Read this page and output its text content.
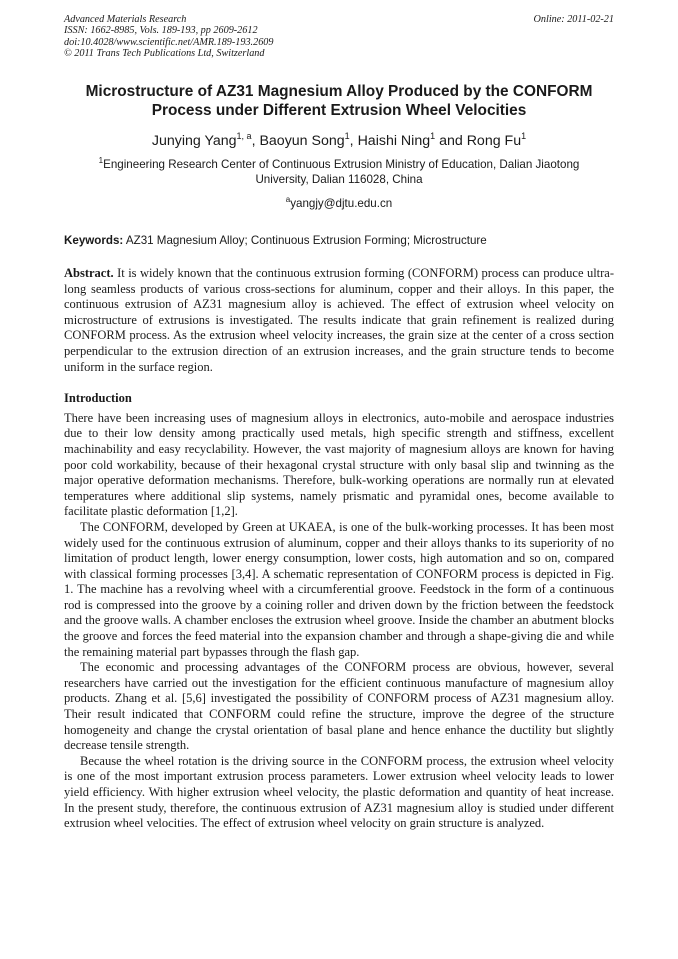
Advanced Materials Research
ISSN: 1662-8985, Vols. 189-193, pp 2609-2612
doi:10.4028/www.scientific.net/AMR.189-193.2609
© 2011 Trans Tech Publications Ltd, Switzerland
Online: 2011-02-21
Microstructure of AZ31 Magnesium Alloy Produced by the CONFORM Process under Different Extrusion Wheel Velocities
Junying Yang$^{1, a}$, Baoyun Song$^1$, Haishi Ning$^1$ and Rong Fu$^1$
$^1$Engineering Research Center of Continuous Extrusion Ministry of Education, Dalian Jiaotong University, Dalian 116028, China
$^a$yangjy@djtu.edu.cn
Keywords: AZ31 Magnesium Alloy; Continuous Extrusion Forming; Microstructure
Abstract. It is widely known that the continuous extrusion forming (CONFORM) process can produce ultra-long seamless products of various cross-sections for aluminum, copper and their alloys. In this paper, the continuous extrusion of AZ31 magnesium alloy is achieved. The effect of extrusion wheel velocity on microstructure of extrusions is investigated. The results indicate that grain refinement is realized during CONFORM process. As the extrusion wheel velocity increases, the grain size at the center of a cross section perpendicular to the extrusion direction of an extrusion increases, and the grain structure tends to become uniform in the surface region.
Introduction

There have been increasing uses of magnesium alloys in electronics, auto-mobile and aerospace industries due to their low density among practically used metals, high specific strength and stiffness, excellent machinability and easy recyclability. However, the vast majority of magnesium alloys are known for having poor cold workability, because of their hexagonal crystal structure with only basal slip and twinning as the major operative deformation mechanisms. Therefore, bulk-working operations are normally run at elevated temperatures where additional slip systems, namely prismatic and pyramidal ones, become available to facilitate plastic deformation [1,2].

The CONFORM, developed by Green at UKAEA, is one of the bulk-working processes. It has been most widely used for the continuous extrusion of aluminum, copper and their alloys thanks to its superiority of no limitation of product length, lower energy consumption, lower costs, high automation and so on, compared with classical forming processes [3,4]. A schematic representation of CONFORM process is depicted in Fig. 1. The machine has a revolving wheel with a circumferential groove. Feedstock in the form of a continuous rod is compressed into the groove by a coining roller and driven down by the friction between the feedstock and the groove walls. A chamber encloses the extrusion wheel groove. Inside the chamber an abutment blocks the groove and forces the feed material into the expansion chamber and through a shape-giving die and while the remaining material part bypasses through the flash gap.

The economic and processing advantages of the CONFORM process are obvious, however, several researchers have carried out the investigation for the efficient continuous manufacture of magnesium alloy products. Zhang et al. [5,6] investigated the possibility of CONFORM process of AZ31 magnesium alloy. Their result indicated that CONFORM could refine the structure, improve the degree of the structure homogeneity and change the crystal orientation of basal plane and hence enhance the ductility but slightly decrease tensile strength.

Because the wheel rotation is the driving source in the CONFORM process, the extrusion wheel velocity is one of the most important extrusion process parameters. Lower extrusion wheel velocity leads to lower yield efficiency. With higher extrusion wheel velocity, the plastic deformation and quantity of heat increase. In the present study, therefore, the continuous extrusion of AZ31 magnesium alloy is studied under different extrusion wheel velocities. The effect of extrusion wheel velocity on grain structure is analyzed.
